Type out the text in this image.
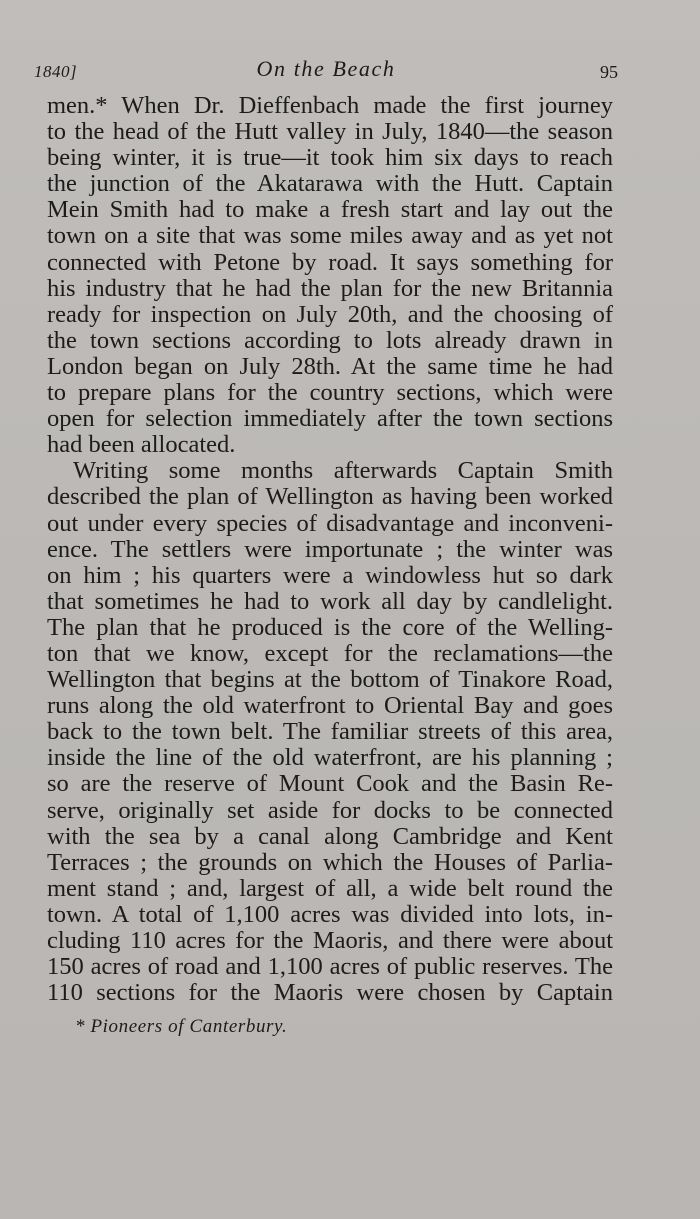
1840]	On the Beach	95
men.* When Dr. Dieffenbach made the first journey
to the head of the Hutt valley in July, 1840—the season
being winter, it is true—it took him six days to reach
the junction of the Akatarawa with the Hutt. Captain
Mein Smith had to make a fresh start and lay out the
town on a site that was some miles away and as yet not
connected with Petone by road. It says something for
his industry that he had the plan for the new Britannia
ready for inspection on July 20th, and the choosing of
the town sections according to lots already drawn in
London began on July 28th. At the same time he had
to prepare plans for the country sections, which were
open for selection immediately after the town sections
had been allocated.
Writing some months afterwards Captain Smith
described the plan of Wellington as having been worked
out under every species of disadvantage and inconveni-
ence. The settlers were importunate ; the winter was
on him ; his quarters were a windowless hut so dark
that sometimes he had to work all day by candlelight.
The plan that he produced is the core of the Welling-
ton that we know, except for the reclamations—the
Wellington that begins at the bottom of Tinakore Road,
runs along the old waterfront to Oriental Bay and goes
back to the town belt. The familiar streets of this area,
inside the line of the old waterfront, are his planning ;
so are the reserve of Mount Cook and the Basin Re-
serve, originally set aside for docks to be connected
with the sea by a canal along Cambridge and Kent
Terraces ; the grounds on which the Houses of Parlia-
ment stand ; and, largest of all, a wide belt round the
town. A total of 1,100 acres was divided into lots, in-
cluding 110 acres for the Maoris, and there were about
150 acres of road and 1,100 acres of public reserves. The
110 sections for the Maoris were chosen by Captain
* Pioneers of Canterbury.
